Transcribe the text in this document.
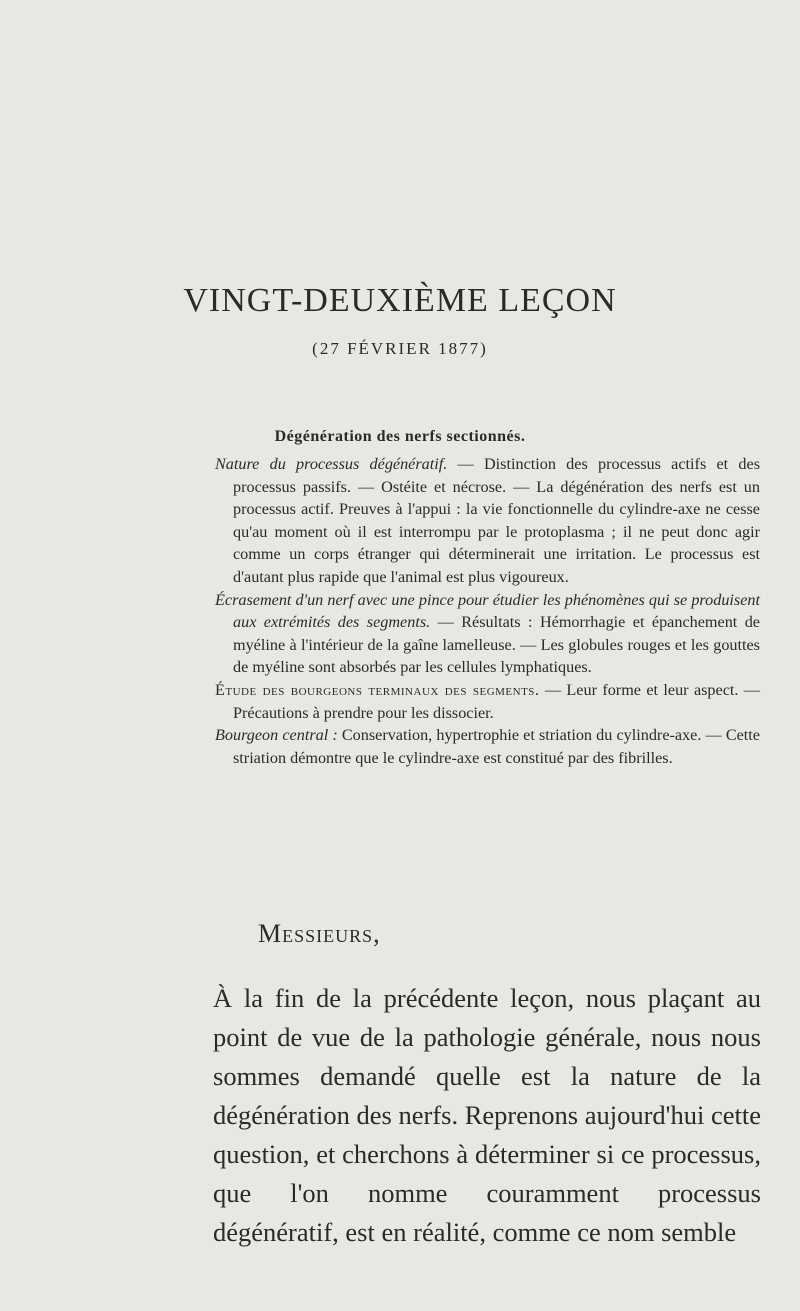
VINGT-DEUXIÈME LEÇON
(27 FÉVRIER 1877)
Dégénération des nerfs sectionnés.

Nature du processus dégénératif. — Distinction des processus actifs et des processus passifs. — Ostéite et nécrose. — La dégénération des nerfs est un processus actif. Preuves à l'appui : la vie fonctionnelle du cylindre-axe ne cesse qu'au moment où il est interrompu par le protoplasma ; il ne peut donc agir comme un corps étranger qui déterminerait une irritation. Le processus est d'autant plus rapide que l'animal est plus vigoureux.

Écrasement d'un nerf avec une pince pour étudier les phénomènes qui se produisent aux extrémités des segments. — Résultats : Hémorrhagie et épanchement de myéline à l'intérieur de la gaîne lamelleuse. — Les globules rouges et les gouttes de myéline sont absorbés par les cellules lymphatiques.

Étude des bourgeons terminaux des segments. — Leur forme et leur aspect. — Précautions à prendre pour les dissocier.

Bourgeon central : Conservation, hypertrophie et striation du cylindre-axe. — Cette striation démontre que le cylindre-axe est constitué par des fibrilles.

Messieurs,

À la fin de la précédente leçon, nous plaçant au point de vue de la pathologie générale, nous nous sommes demandé quelle est la nature de la dégénération des nerfs. Reprenons aujourd'hui cette question, et cherchons à déterminer si ce processus, que l'on nomme couramment processus dégénératif, est en réalité, comme ce nom semble
